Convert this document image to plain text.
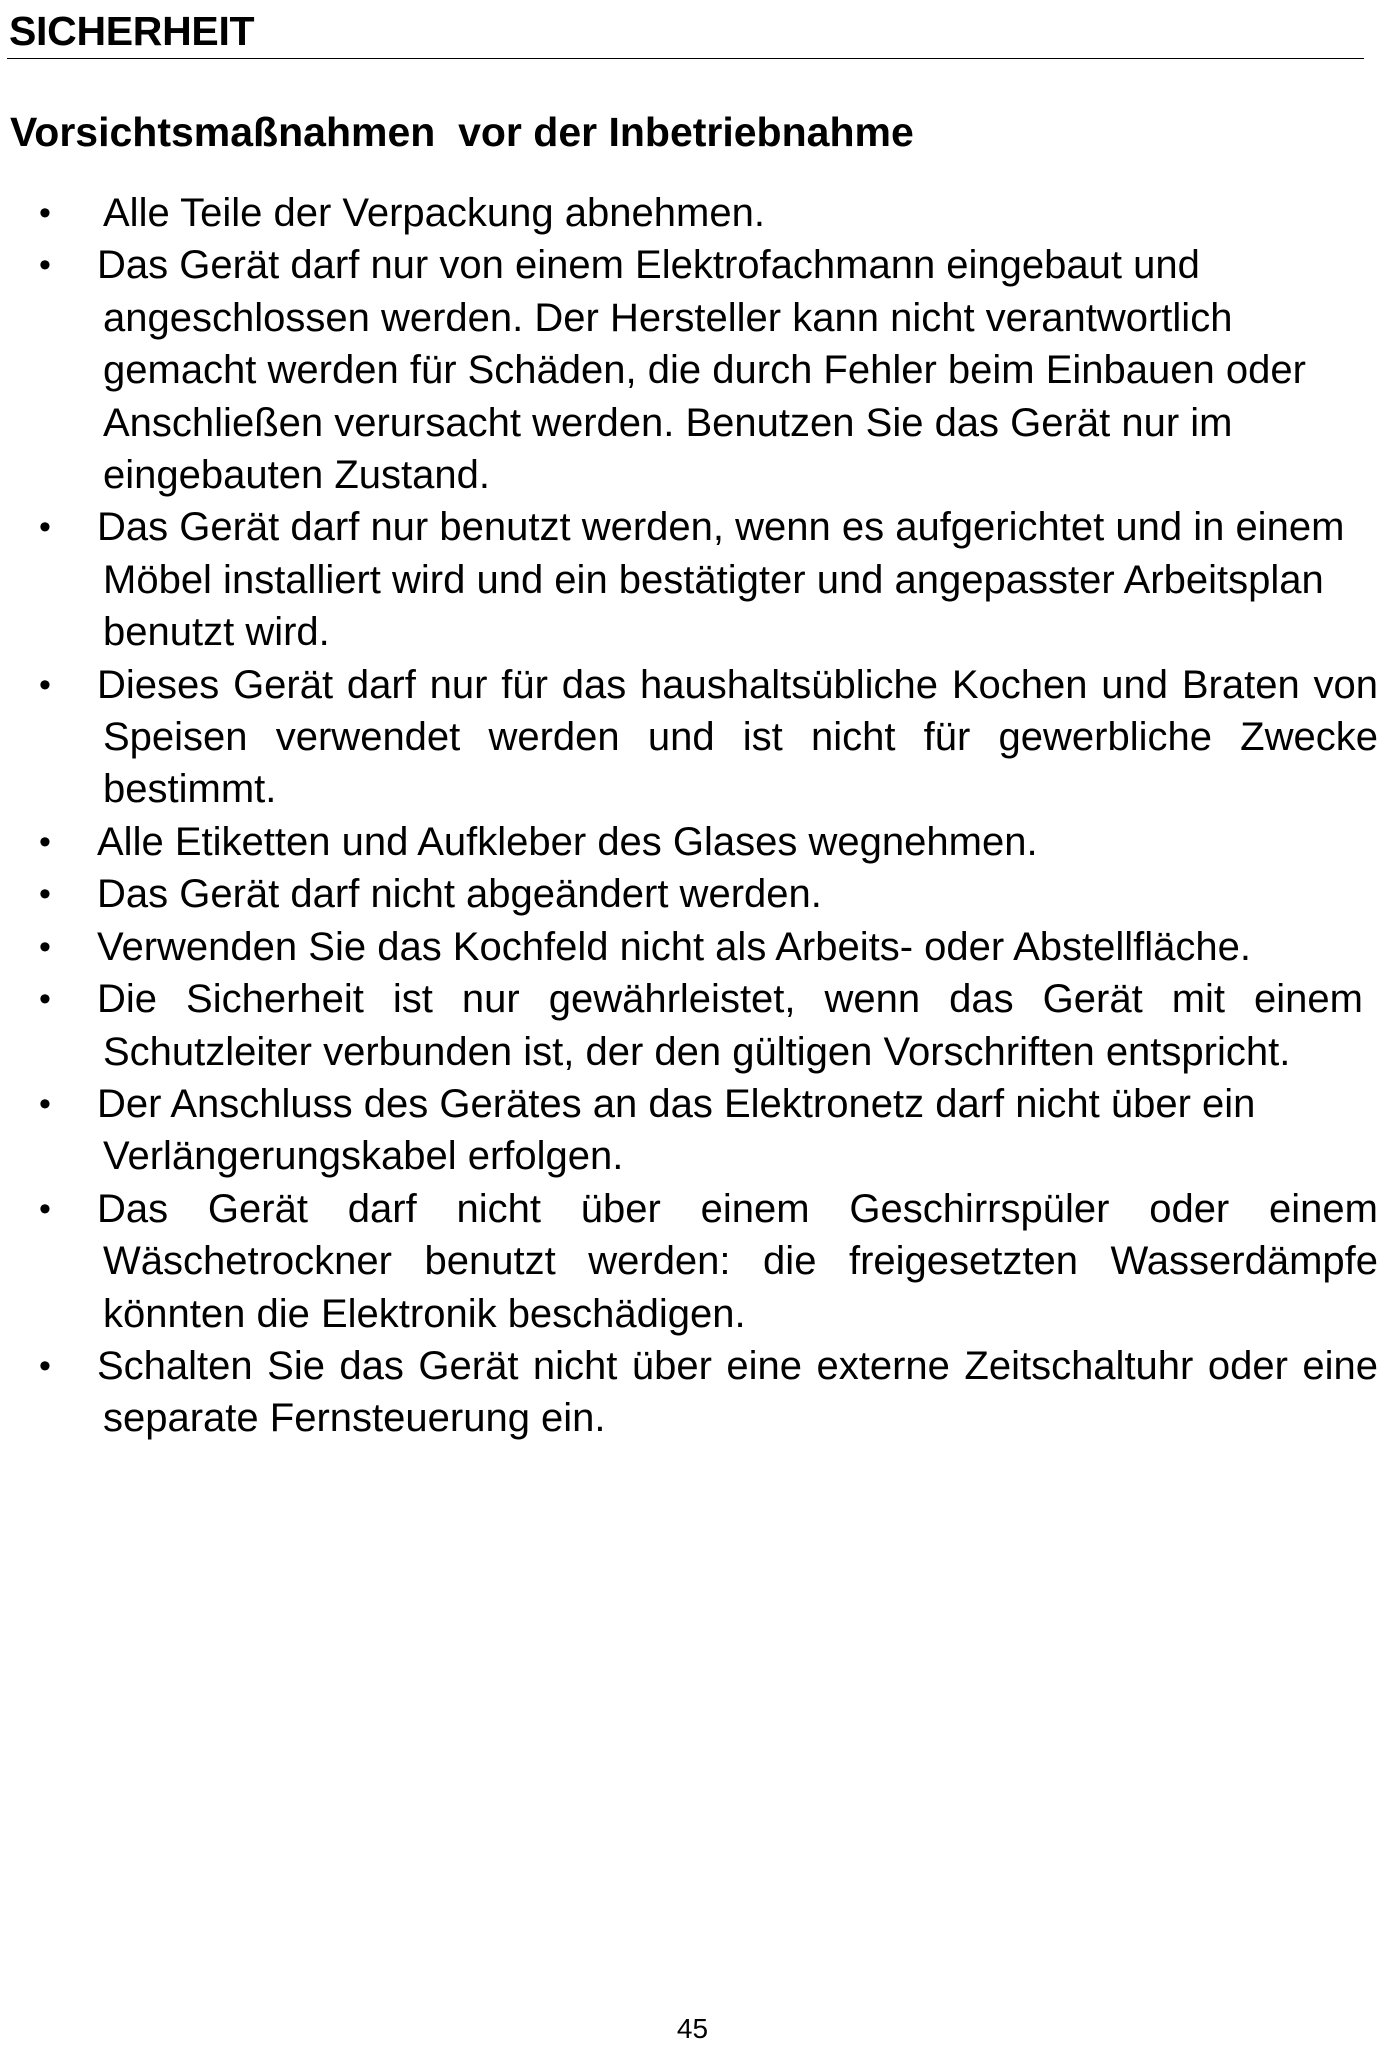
SICHERHEIT
Vorsichtsmaßnahmen  vor der Inbetriebnahme
• Alle Teile der Verpackung abnehmen.
• Das Gerät darf nur von einem Elektrofachmann eingebaut und angeschlossen werden. Der Hersteller kann nicht verantwortlich gemacht werden für Schäden, die durch Fehler beim Einbauen oder Anschließen verursacht werden. Benutzen Sie das Gerät nur im eingebauten Zustand.
• Das Gerät darf nur benutzt werden, wenn es aufgerichtet und in einem Möbel installiert wird und ein bestätigter und angepasster Arbeitsplan benutzt wird.
• Dieses Gerät darf nur für das haushaltsübliche Kochen und Braten von Speisen verwendet werden und ist nicht für gewerbliche Zwecke bestimmt.
• Alle Etiketten und Aufkleber des Glases wegnehmen.
• Das Gerät darf nicht abgeändert werden.
• Verwenden Sie das Kochfeld nicht als Arbeits- oder Abstellfläche.
• Die Sicherheit ist nur gewährleistet, wenn das Gerät mit einem Schutzleiter verbunden ist, der den gültigen Vorschriften entspricht.
• Der Anschluss des Gerätes an das Elektronetz darf nicht über ein Verlängerungskabel erfolgen.
• Das Gerät darf nicht über einem Geschirrspüler oder einem Wäschetrockner benutzt werden: die freigesetzten Wasserdämpfe könnten die Elektronik beschädigen.
• Schalten Sie das Gerät nicht über eine externe Zeitschaltuhr oder eine separate Fernsteuerung ein.
45
